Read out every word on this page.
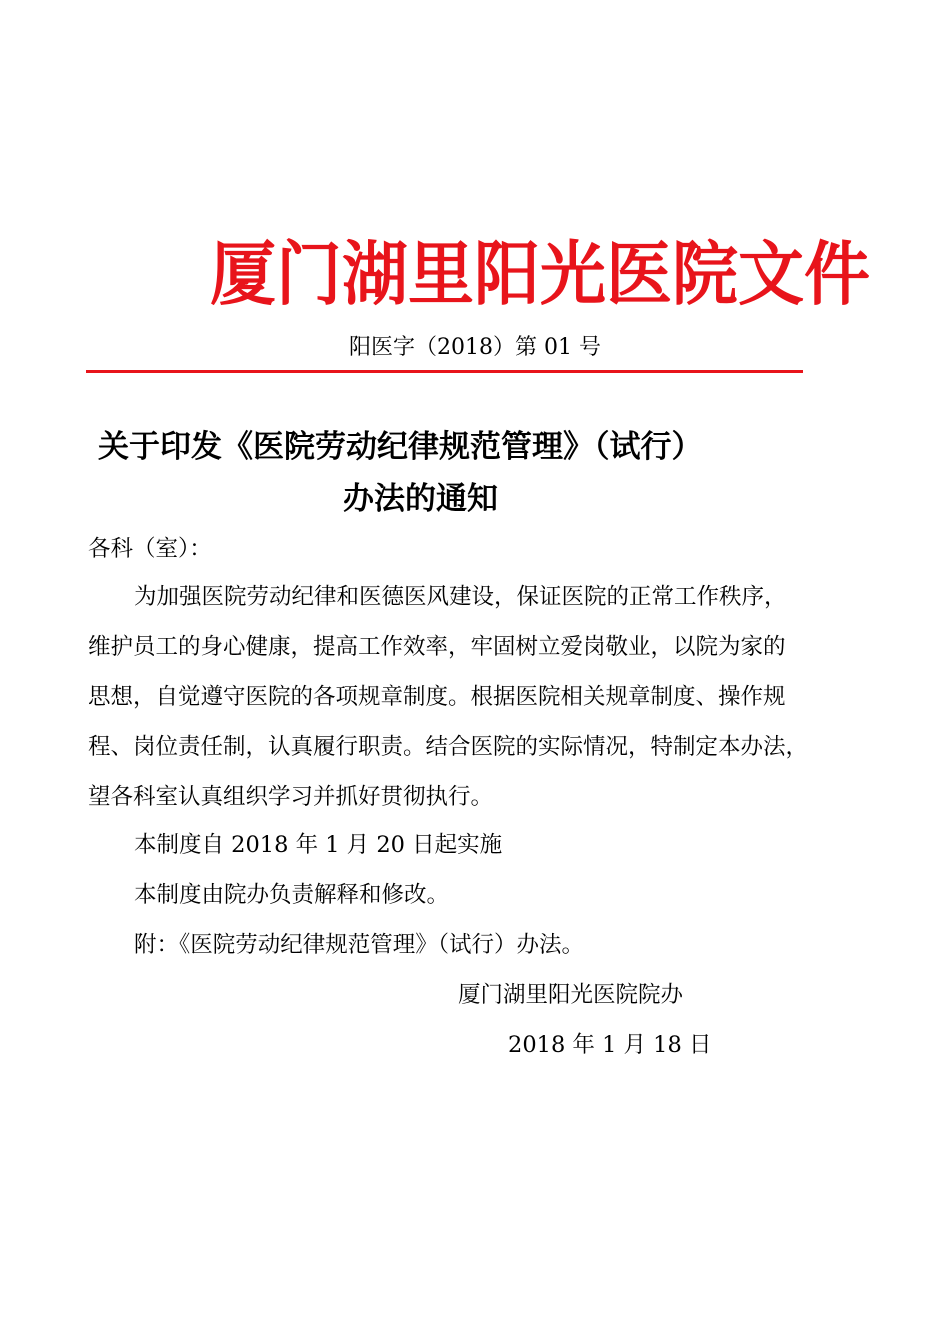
厦门湖里阳光医院文件
阳医字（2018）第 01 号
关于印发《医院劳动纪律规范管理》（试行）
办法的通知
各科（室）：
为加强医院劳动纪律和医德医风建设，保证医院的正常工作秩序，
维护员工的身心健康，提高工作效率，牢固树立爱岗敬业，以院为家的
思想，自觉遵守医院的各项规章制度。根据医院相关规章制度、操作规
程、岗位责任制，认真履行职责。结合医院的实际情况，特制定本办法，
望各科室认真组织学习并抓好贯彻执行。
本制度自 2018 年 1 月 20 日起实施
本制度由院办负责解释和修改。
附：《医院劳动纪律规范管理》（试行）办法。
厦门湖里阳光医院院办
2018 年 1 月 18 日
